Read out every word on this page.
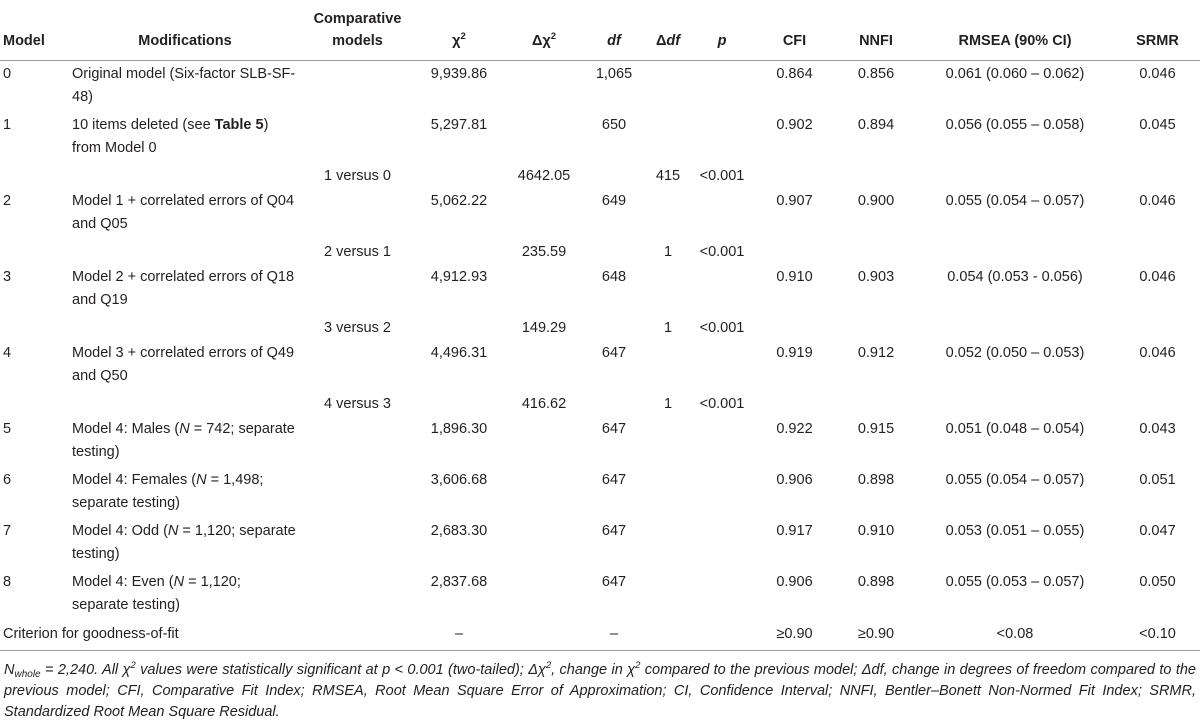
Model	Modifications	Comparative models	$\chi^2$	$\Delta\chi^2$	df	Δdf	p	CFI	NNFI	RMSEA (90% CI)	SRMR
0	Original model (Six-factor SLB-SF-48)		9,939.86		1,065			0.864	0.856	0.061 (0.060 – 0.062)	0.046
1	10 items deleted (see Table 5) from Model 0		5,297.81		650			0.902	0.894	0.056 (0.055 – 0.058)	0.045
		1 versus 0		4642.05		415	<0.001				
2	Model 1 + correlated errors of Q04 and Q05		5,062.22		649			0.907	0.900	0.055 (0.054 – 0.057)	0.046
		2 versus 1		235.59		1	<0.001				
3	Model 2 + correlated errors of Q18 and Q19		4,912.93		648			0.910	0.903	0.054 (0.053 - 0.056)	0.046
		3 versus 2		149.29		1	<0.001				
4	Model 3 + correlated errors of Q49 and Q50		4,496.31		647			0.919	0.912	0.052 (0.050 – 0.053)	0.046
		4 versus 3		416.62		1	<0.001				
5	Model 4: Males (N = 742; separate testing)		1,896.30		647			0.922	0.915	0.051 (0.048 – 0.054)	0.043
6	Model 4: Females (N = 1,498; separate testing)		3,606.68		647			0.906	0.898	0.055 (0.054 – 0.057)	0.051
7	Model 4: Odd (N = 1,120; separate testing)		2,683.30		647			0.917	0.910	0.053 (0.051 – 0.055)	0.047
8	Model 4: Even (N = 1,120; separate testing)		2,837.68		647			0.906	0.898	0.055 (0.053 – 0.057)	0.050
Criterion for goodness-of-fit			–		–			≥0.90	≥0.90	<0.08	<0.10
$N_{whole} = 2,240$. All $\chi^2$ values were statistically significant at p < 0.001 (two-tailed); $\Delta\chi^2$, change in $\chi^2$ compared to the previous model; Δdf, change in degrees of freedom compared to the previous model; CFI, Comparative Fit Index; RMSEA, Root Mean Square Error of Approximation; CI, Confidence Interval; NNFI, Bentler–Bonett Non-Normed Fit Index; SRMR, Standardized Root Mean Square Residual.
